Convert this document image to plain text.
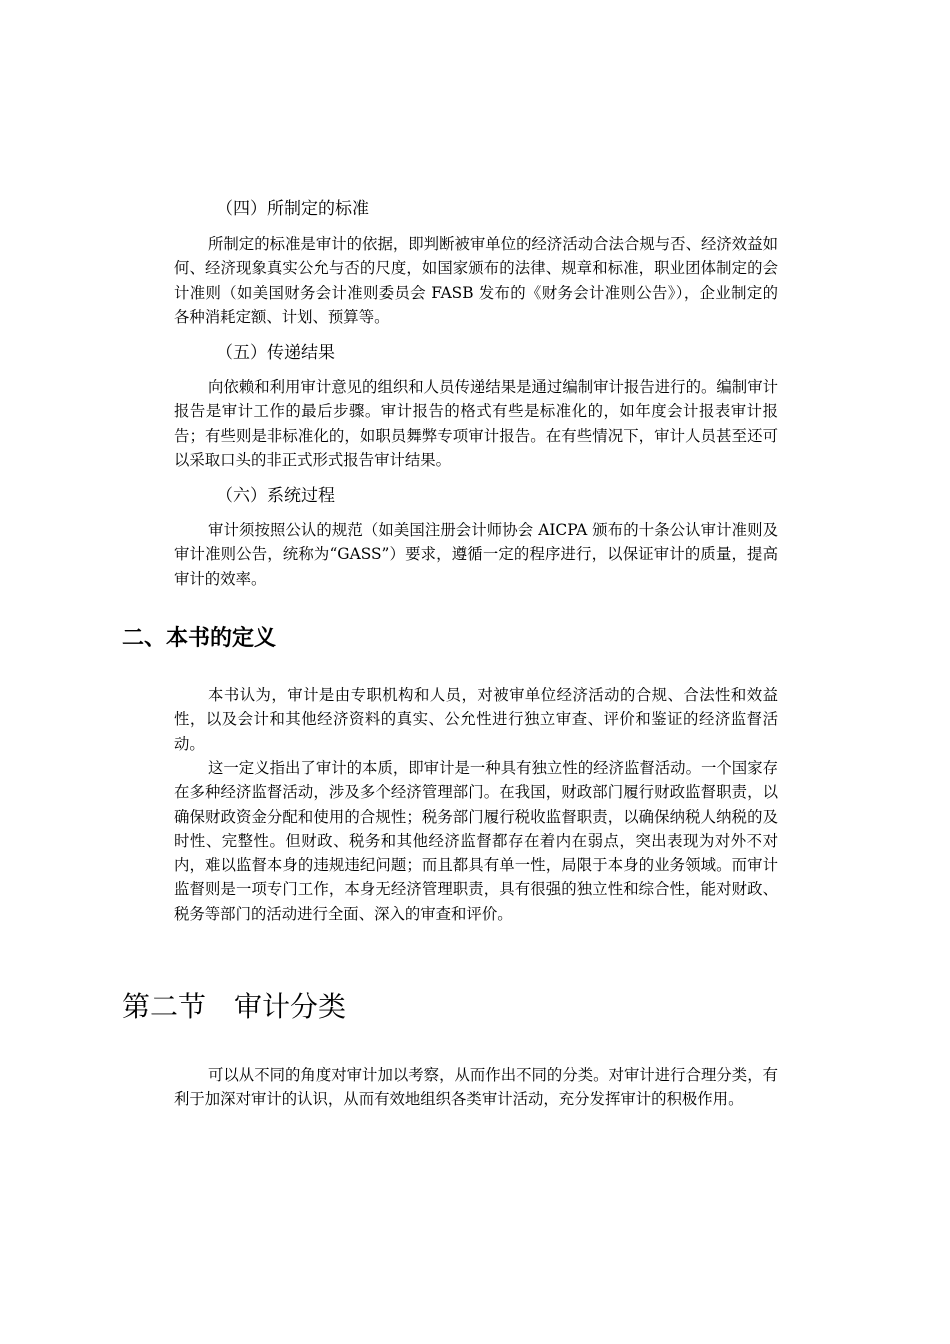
（四）所制定的标准

所制定的标准是审计的依据，即判断被审单位的经济活动合法合规与否、经济效益如何、经济现象真实公允与否的尺度，如国家颁布的法律、规章和标准，职业团体制定的会计准则（如美国财务会计准则委员会 FASB 发布的《财务会计准则公告》），企业制定的各种消耗定额、计划、预算等。

（五）传递结果

向依赖和利用审计意见的组织和人员传递结果是通过编制审计报告进行的。编制审计报告是审计工作的最后步骤。审计报告的格式有些是标准化的，如年度会计报表审计报告；有些则是非标准化的，如职员舞弊专项审计报告。在有些情况下，审计人员甚至还可以采取口头的非正式形式报告审计结果。

（六）系统过程

审计须按照公认的规范（如美国注册会计师协会 AICPA 颁布的十条公认审计准则及审计准则公告，统称为“GASS”）要求，遵循一定的程序进行，以保证审计的质量，提高审计的效率。

二、本书的定义

本书认为，审计是由专职机构和人员，对被审单位经济活动的合规、合法性和效益性，以及会计和其他经济资料的真实、公允性进行独立审查、评价和鉴证的经济监督活动。

这一定义指出了审计的本质，即审计是一种具有独立性的经济监督活动。一个国家存在多种经济监督活动，涉及多个经济管理部门。在我国，财政部门履行财政监督职责，以确保财政资金分配和使用的合规性；税务部门履行税收监督职责，以确保纳税人纳税的及时性、完整性。但财政、税务和其他经济监督都存在着内在弱点，突出表现为对外不对内，难以监督本身的违规违纪问题；而且都具有单一性，局限于本身的业务领域。而审计监督则是一项专门工作，本身无经济管理职责，具有很强的独立性和综合性，能对财政、税务等部门的活动进行全面、深入的审查和评价。

第二节　审计分类

可以从不同的角度对审计加以考察，从而作出不同的分类。对审计进行合理分类，有利于加深对审计的认识，从而有效地组织各类审计活动，充分发挥审计的积极作用。
